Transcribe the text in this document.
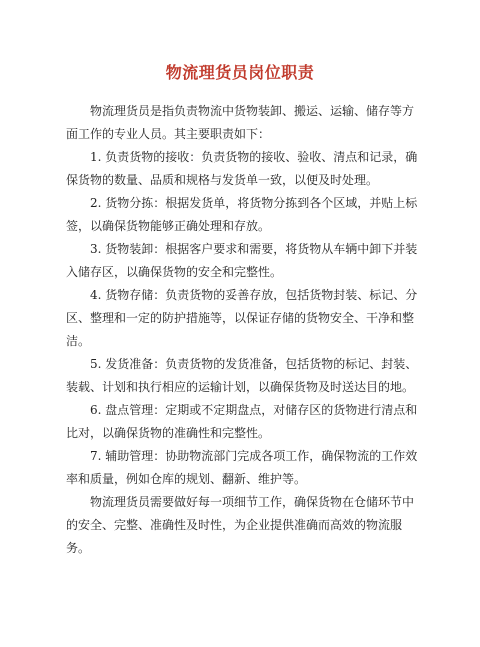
物流理货员岗位职责

物流理货员是指负责物流中货物装卸、搬运、运输、储存等方面工作的专业人员。其主要职责如下：

1. 负责货物的接收：负责货物的接收、验收、清点和记录，确保货物的数量、品质和规格与发货单一致，以便及时处理。

2. 货物分拣：根据发货单，将货物分拣到各个区域，并贴上标签，以确保货物能够正确处理和存放。

3. 货物装卸：根据客户要求和需要，将货物从车辆中卸下并装入储存区，以确保货物的安全和完整性。

4. 货物存储：负责货物的妥善存放，包括货物封装、标记、分区、整理和一定的防护措施等，以保证存储的货物安全、干净和整洁。

5. 发货准备：负责货物的发货准备，包括货物的标记、封装、装载、计划和执行相应的运输计划，以确保货物及时送达目的地。

6. 盘点管理：定期或不定期盘点，对储存区的货物进行清点和比对，以确保货物的准确性和完整性。

7. 辅助管理：协助物流部门完成各项工作，确保物流的工作效率和质量，例如仓库的规划、翻新、维护等。

物流理货员需要做好每一项细节工作，确保货物在仓储环节中的安全、完整、准确性及时性，为企业提供准确而高效的物流服务。
